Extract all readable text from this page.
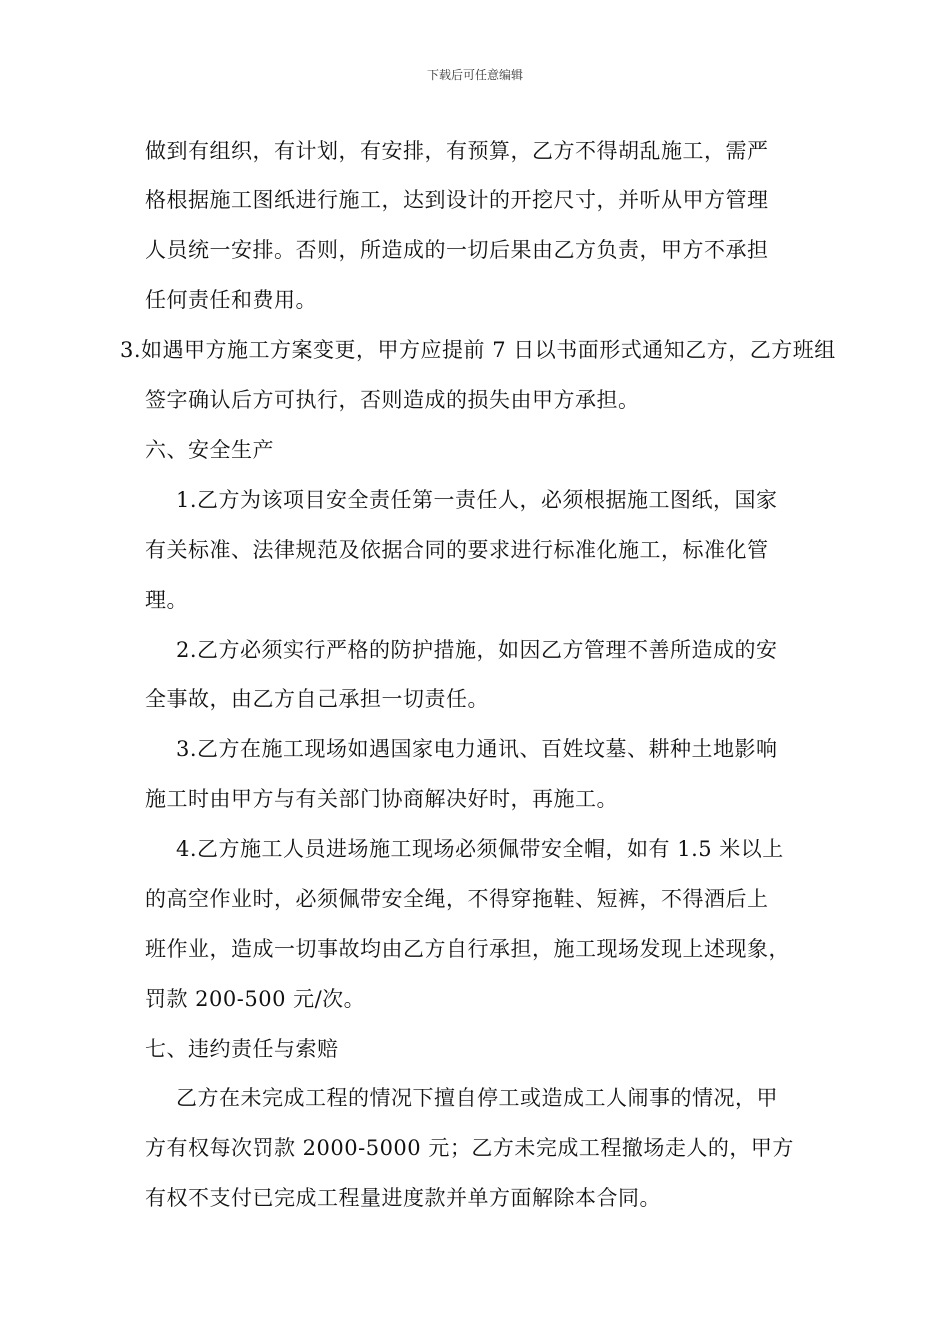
下载后可任意编辑
做到有组织，有计划，有安排，有预算，乙方不得胡乱施工，需严
格根据施工图纸进行施工，达到设计的开挖尺寸，并听从甲方管理
人员统一安排。否则，所造成的一切后果由乙方负责，甲方不承担
任何责任和费用。
3.如遇甲方施工方案变更，甲方应提前 7 日以书面形式通知乙方，乙方班组
签字确认后方可执行，否则造成的损失由甲方承担。
六、安全生产
1.乙方为该项目安全责任第一责任人，必须根据施工图纸，国家
有关标准、法律规范及依据合同的要求进行标准化施工，标准化管
理。
2.乙方必须实行严格的防护措施，如因乙方管理不善所造成的安
全事故，由乙方自己承担一切责任。
3.乙方在施工现场如遇国家电力通讯、百姓坟墓、耕种土地影响
施工时由甲方与有关部门协商解决好时，再施工。
4.乙方施工人员进场施工现场必须佩带安全帽，如有 1.5 米以上
的高空作业时，必须佩带安全绳，不得穿拖鞋、短裤，不得酒后上
班作业，造成一切事故均由乙方自行承担，施工现场发现上述现象，
罚款 200-500 元/次。
七、违约责任与索赔
乙方在未完成工程的情况下擅自停工或造成工人闹事的情况，甲
方有权每次罚款 2000-5000 元；乙方未完成工程撤场走人的，甲方
有权不支付已完成工程量进度款并单方面解除本合同。
